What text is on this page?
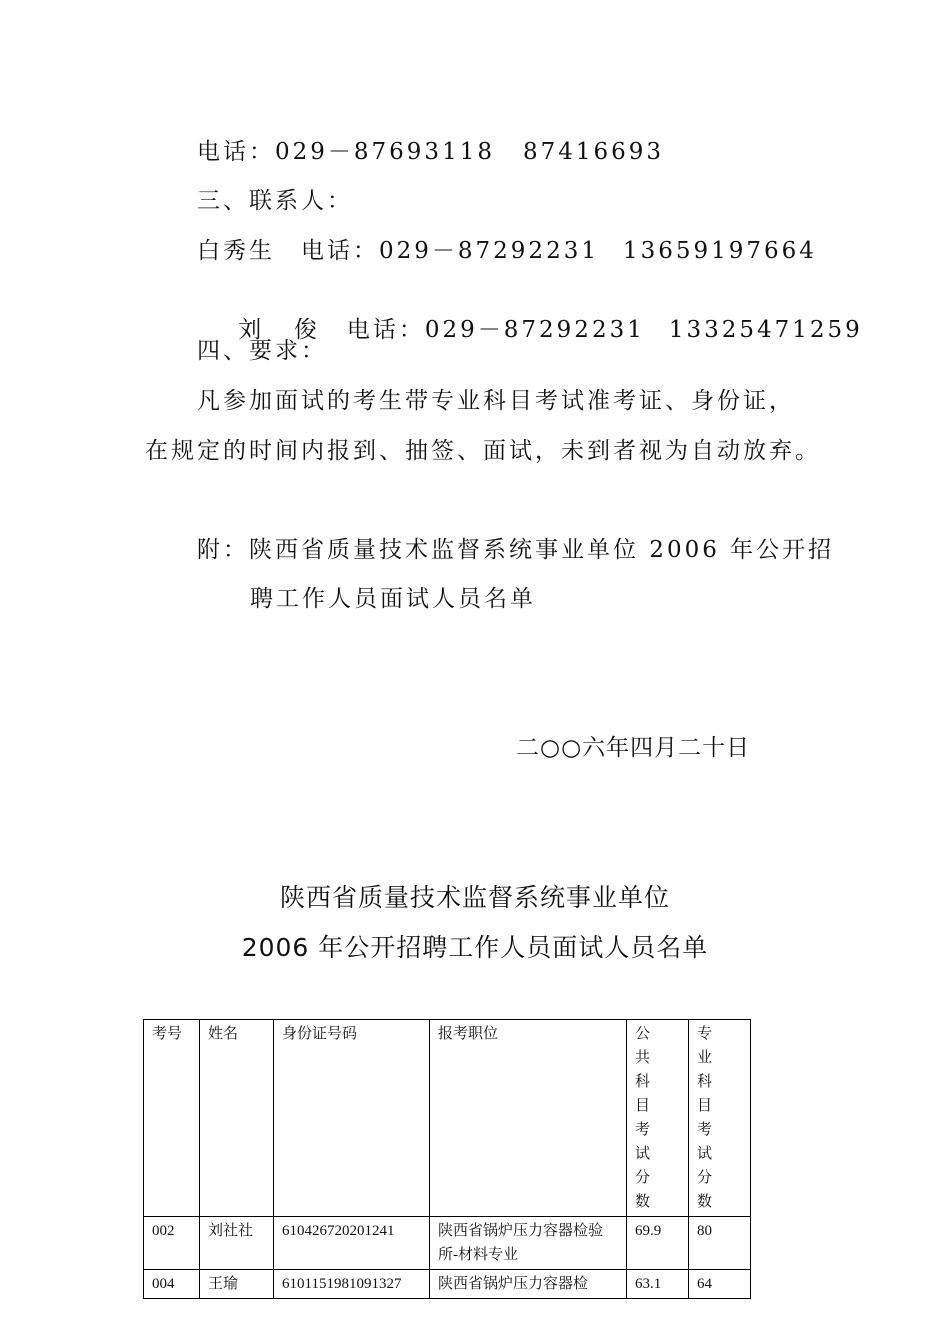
电话：029－87693118 87416693
三、联系人：
白秀生 电话：029－87292231 13659197664

刘  俊 电话：029－87292231 13325471259

四、要求：
凡参加面试的考生带专业科目考试准考证、身份证，
在规定的时间内报到、抽签、面试，未到者视为自动放弃。
附：陕西省质量技术监督系统事业单位 2006 年公开招
聘工作人员面试人员名单
二○○六年四月二十日
陕西省质量技术监督系统事业单位
2006 年公开招聘工作人员面试人员名单
考号	姓名	身份证号码	报考职位	公共科目考试分数	专业科目考试分数
002	刘社社	610426720201241	陕西省锅炉压力容器检验所-材料专业	69.9	80
004	王瑜	6101151981091327	陕西省锅炉压力容器检	63.1	64
